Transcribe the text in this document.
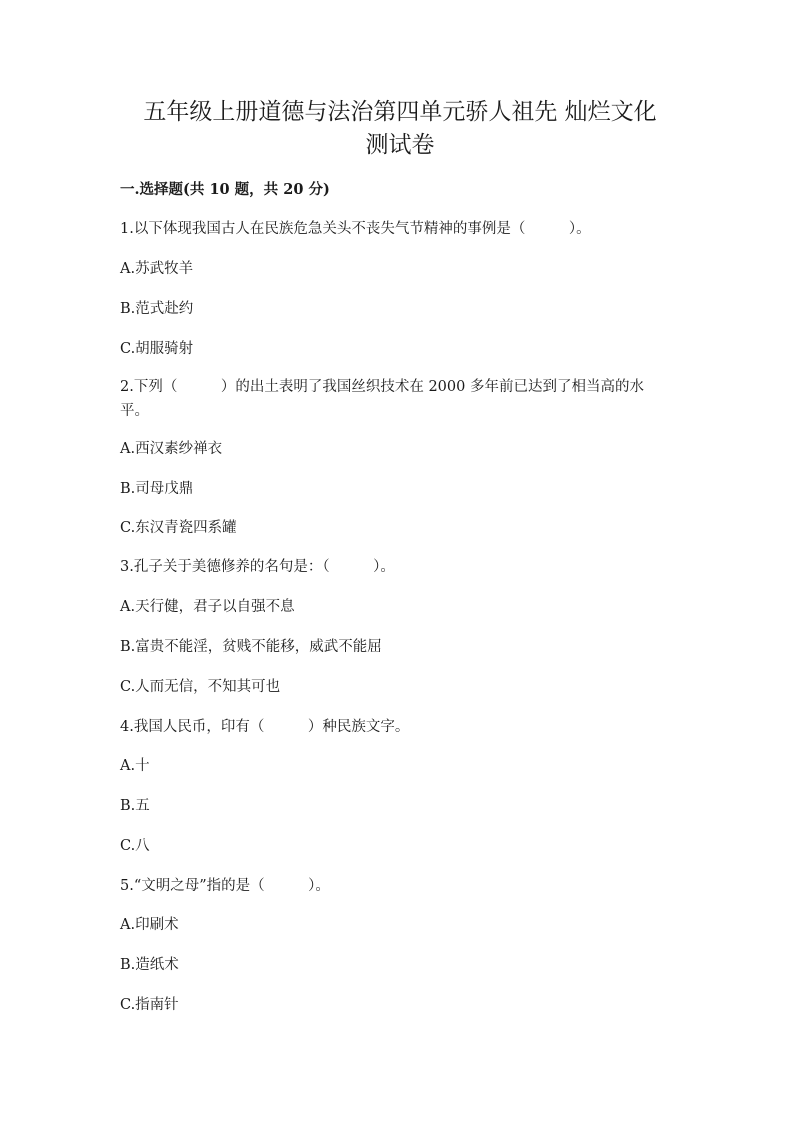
五年级上册道德与法治第四单元骄人祖先 灿烂文化
测试卷
一.选择题(共 10 题，共 20 分)

1.以下体现我国古人在民族危急关头不丧失气节精神的事例是（　　　）。

A.苏武牧羊

B.范式赴约

C.胡服骑射

2.下列（　　　）的出土表明了我国丝织技术在 2000 多年前已达到了相当高的水平。

A.西汉素纱禅衣

B.司母戊鼎

C.东汉青瓷四系罐

3.孔子关于美德修养的名句是：（　　　）。

A.天行健，君子以自强不息

B.富贵不能淫，贫贱不能移，威武不能屈

C.人而无信，不知其可也

4.我国人民币，印有（　　　）种民族文字。

A.十

B.五

C.八

5.“文明之母”指的是（　　　）。

A.印刷术

B.造纸术

C.指南针
